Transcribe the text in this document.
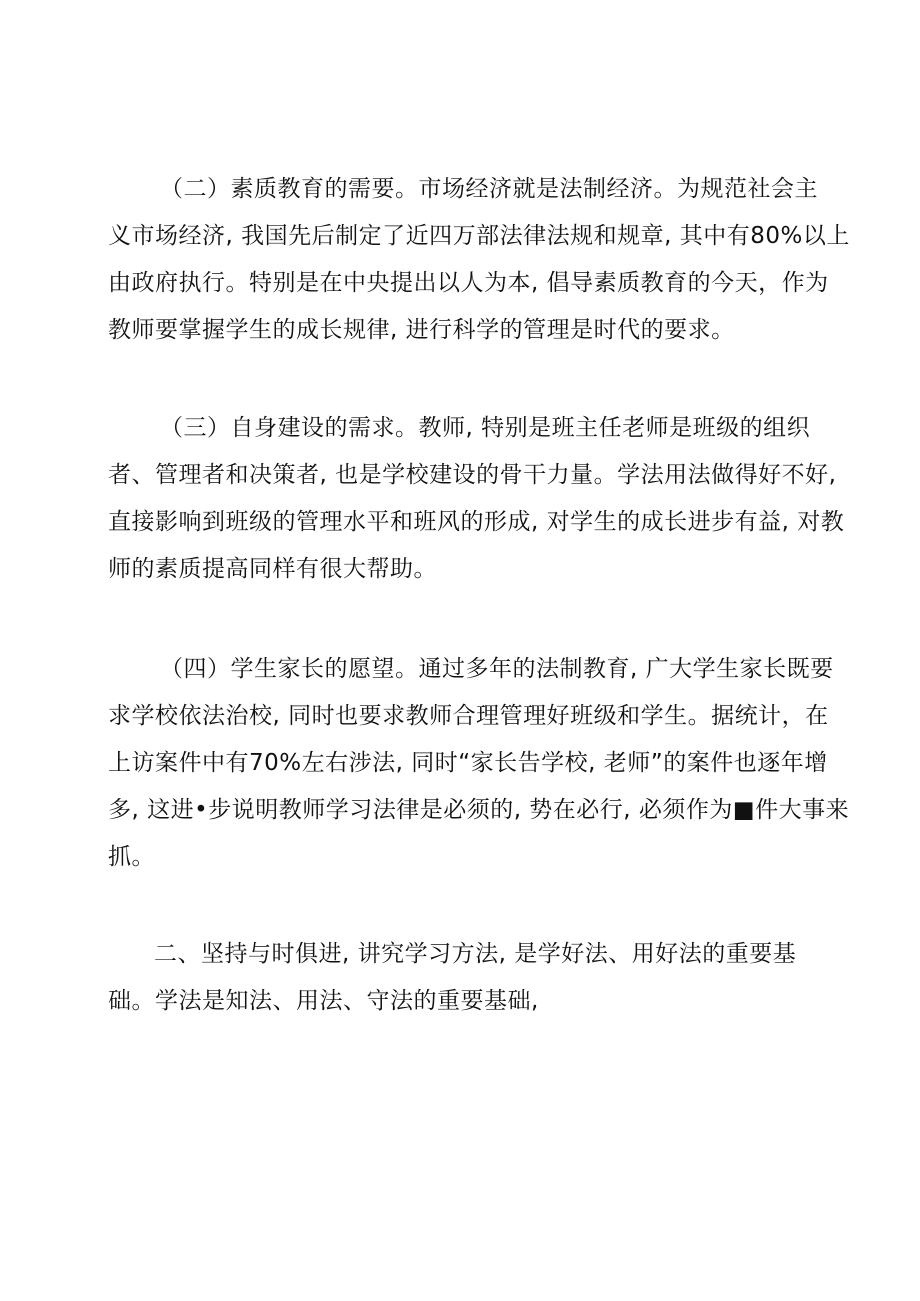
（二）素质教育的需要。市场经济就是法制经济。为规范社会主
义市场经济, 我国先后制定了近四万部法律法规和规章, 其中有80%以上
由政府执行。特别是在中央提出以人为本, 倡导素质教育的今天，作为
教师要掌握学生的成长规律, 进行科学的管理是时代的要求。
（三）自身建设的需求。教师, 特别是班主任老师是班级的组织
者、管理者和决策者, 也是学校建设的骨干力量。学法用法做得好不好,
直接影响到班级的管理水平和班风的形成, 对学生的成长进步有益, 对教
师的素质提高同样有很大帮助。
（四）学生家长的愿望。通过多年的法制教育, 广大学生家长既要
求学校依法治校, 同时也要求教师合理管理好班级和学生。据统计，在
上访案件中有70%左右涉法, 同时“家长告学校, 老师”的案件也逐年增
多, 这进•步说明教师学习法律是必须的, 势在必行, 必须作为■件大事来
抓。
二、坚持与时俱进, 讲究学习方法, 是学好法、用好法的重要基
础。学法是知法、用法、守法的重要基础,
